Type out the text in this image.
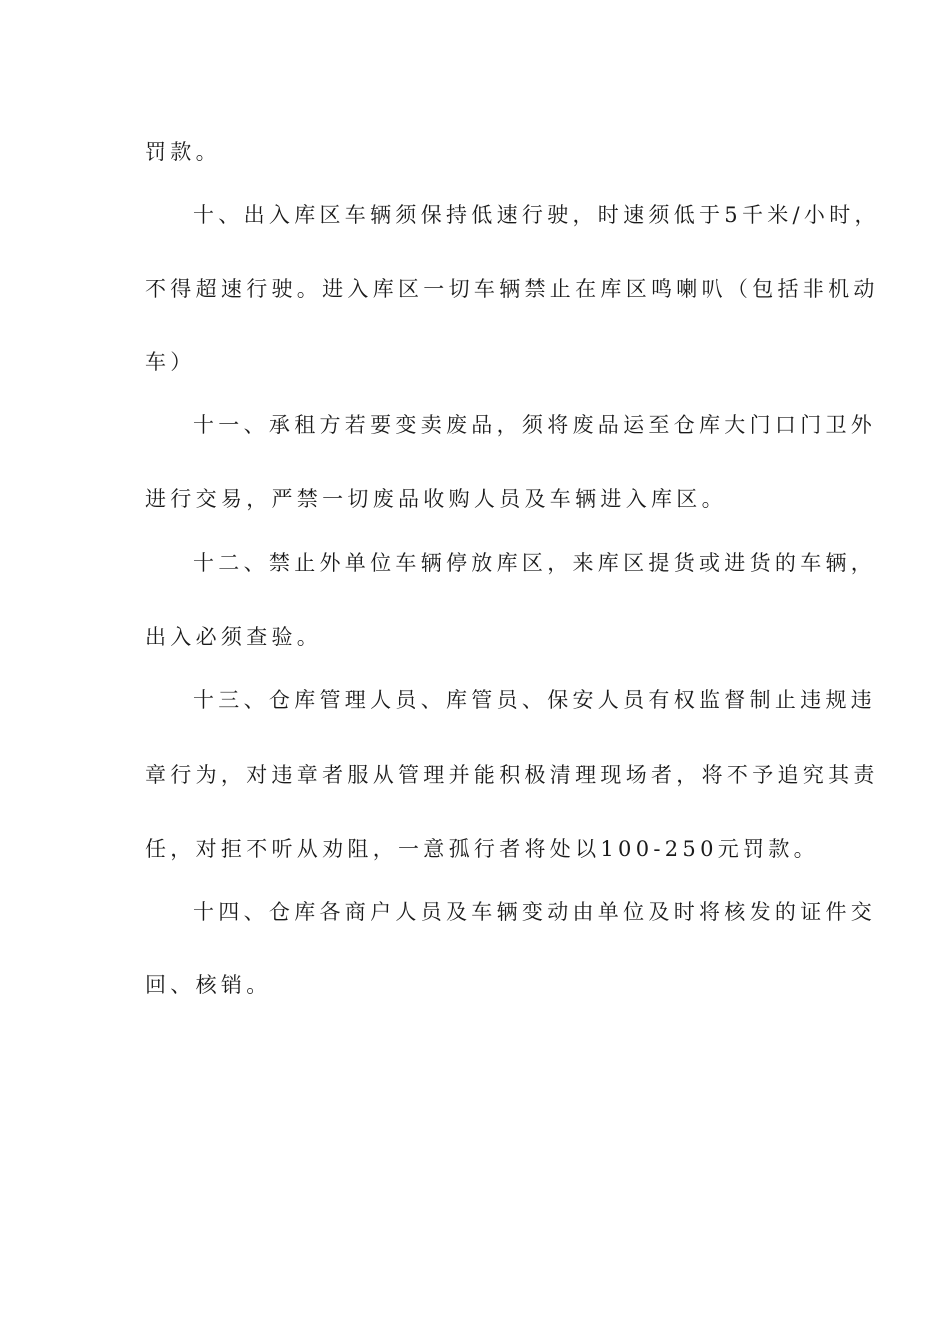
罚款。
十、出入库区车辆须保持低速行驶，时速须低于5千米/小时，
不得超速行驶。进入库区一切车辆禁止在库区鸣喇叭（包括非机动
车）
十一、承租方若要变卖废品，须将废品运至仓库大门口门卫外
进行交易，严禁一切废品收购人员及车辆进入库区。
十二、禁止外单位车辆停放库区，来库区提货或进货的车辆，
出入必须查验。
十三、仓库管理人员、库管员、保安人员有权监督制止违规违
章行为，对违章者服从管理并能积极清理现场者，将不予追究其责
任，对拒不听从劝阻，一意孤行者将处以100-250元罚款。
十四、仓库各商户人员及车辆变动由单位及时将核发的证件交
回、核销。
